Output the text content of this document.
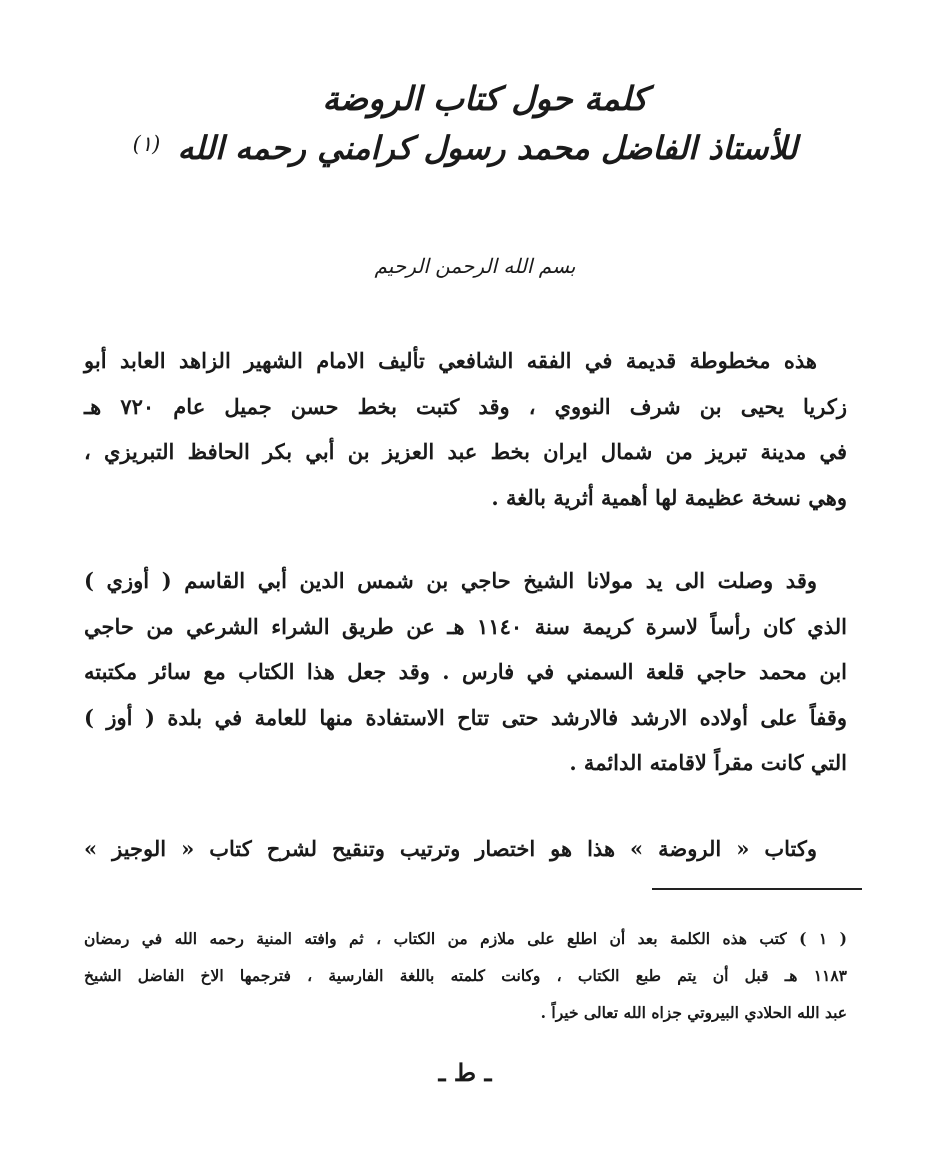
كلمة حول كتاب الروضة
للأستاذ الفاضل محمد رسول كرامني رحمه الله $^{(١)}$
بسم الله الرحمن الرحيم
هذه مخطوطة قديمة في الفقه الشافعي تأليف الامام الشهير الزاهد العابد أبو
زكريا يحيى بن شرف النووي ، وقد كتبت بخط حسن جميل عام ٧٢٠ هـ
في مدينة تبريز من شمال ايران بخط عبد العزيز بن أبي بكر الحافظ التبريزي ،
وهي نسخة عظيمة لها أهمية أثرية بالغة .
وقد وصلت الى يد مولانا الشيخ حاجي بن شمس الدين أبي القاسم ( أوزي )
الذي كان رأساً لاسرة كريمة سنة ١١٤٠ هـ عن طريق الشراء الشرعي من حاجي
ابن محمد حاجي قلعة السمني في فارس . وقد جعل هذا الكتاب مع سائر مكتبته
وقفاً على أولاده الارشد فالارشد حتى تتاح الاستفادة منها للعامة في بلدة ( أوز )
التي كانت مقراً لاقامته الدائمة .
وكتاب « الروضة » هذا هو اختصار وترتيب وتنقيح لشرح كتاب « الوجيز »
( ١ ) كتب هذه الكلمة بعد أن اطلع على ملازم من الكتاب ، ثم وافته المنية رحمه الله في رمضان
١١٨٣ هـ قبل أن يتم طبع الكتاب ، وكانت كلمته باللغة الفارسية ، فترجمها الاخ الفاضل الشيخ
عبد الله الحلادي البيروتي جزاه الله تعالى خيراً .
ـ ط ـ
